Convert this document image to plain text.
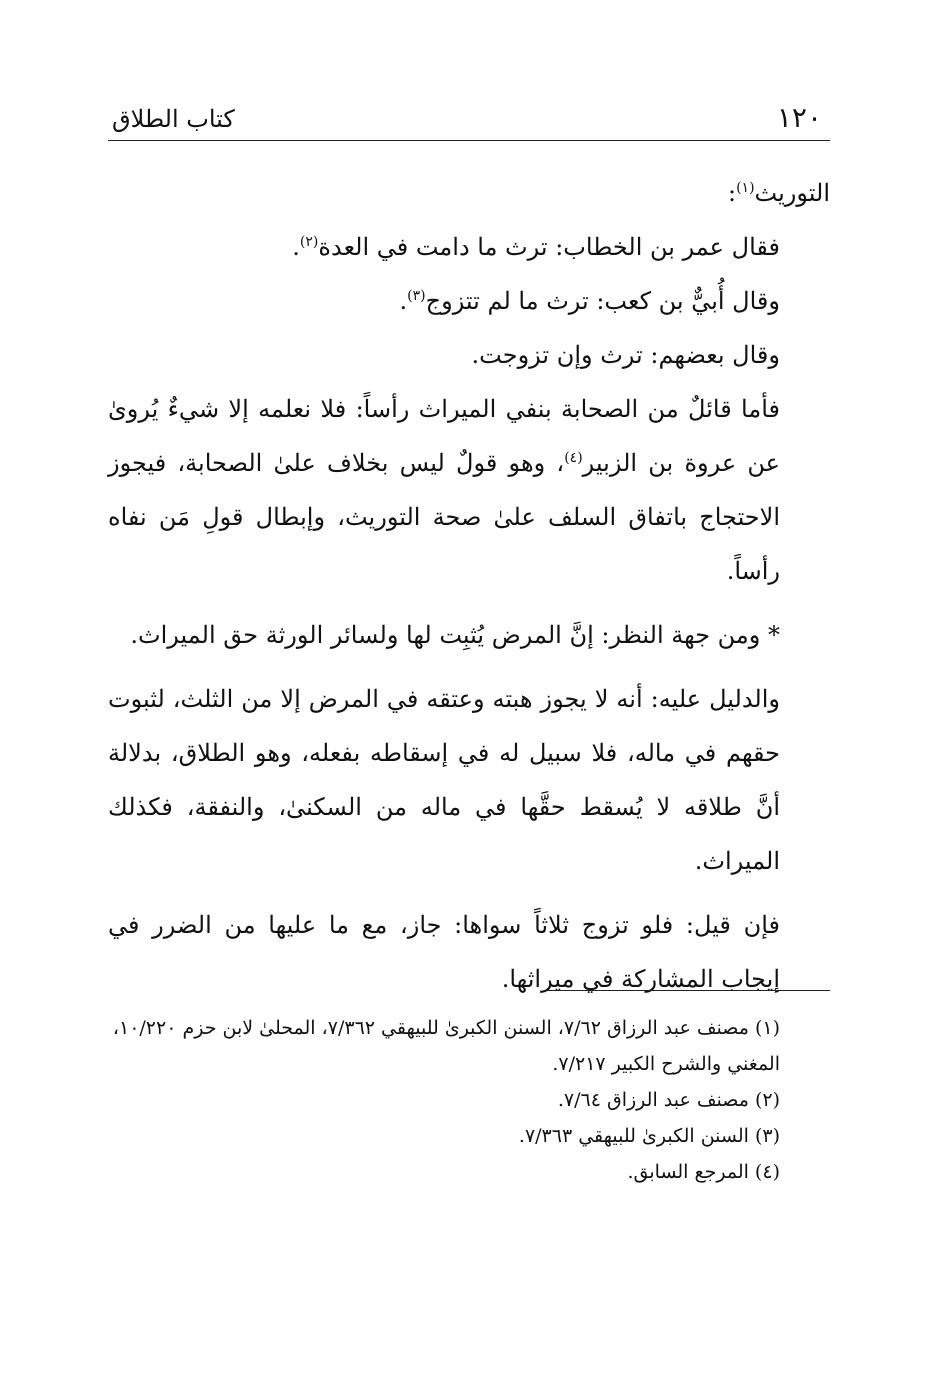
١٢٠
كتاب الطلاق

التوريث$^{(١)}$:

فقال عمر بن الخطاب: ترث ما دامت في العدة$^{(٢)}$.

وقال أُبيٌّ بن كعب: ترث ما لم تتزوج$^{(٣)}$.

وقال بعضهم: ترث وإن تزوجت.

فأما قائلٌ من الصحابة بنفي الميراث رأساً: فلا نعلمه إلا شيءٌ يُروىٰ عن عروة بن الزبير$^{(٤)}$، وهو قولٌ ليس بخلاف علىٰ الصحابة، فيجوز الاحتجاج باتفاق السلف علىٰ صحة التوريث، وإبطال قولِ مَن نفاه رأساً.

* ومن جهة النظر: إنَّ المرض يُثبِت لها ولسائر الورثة حق الميراث.

والدليل عليه: أنه لا يجوز هبته وعتقه في المرض إلا من الثلث، لثبوت حقهم في ماله، فلا سبيل له في إسقاطه بفعله، وهو الطلاق، بدلالة أنَّ طلاقه لا يُسقط حقَّها في ماله من السكنىٰ، والنفقة، فكذلك الميراث.

فإن قيل: فلو تزوج ثلاثاً سواها: جاز، مع ما عليها من الضرر في إيجاب المشاركة في ميراثها.

(١) مصنف عبد الرزاق ٧/٦٢، السنن الكبرىٰ للبيهقي ٧/٣٦٢، المحلىٰ لابن حزم ١٠/٢٢٠، المغني والشرح الكبير ٧/٢١٧.

(٢) مصنف عبد الرزاق ٧/٦٤.

(٣) السنن الكبرىٰ للبيهقي ٧/٣٦٣.

(٤) المرجع السابق.
